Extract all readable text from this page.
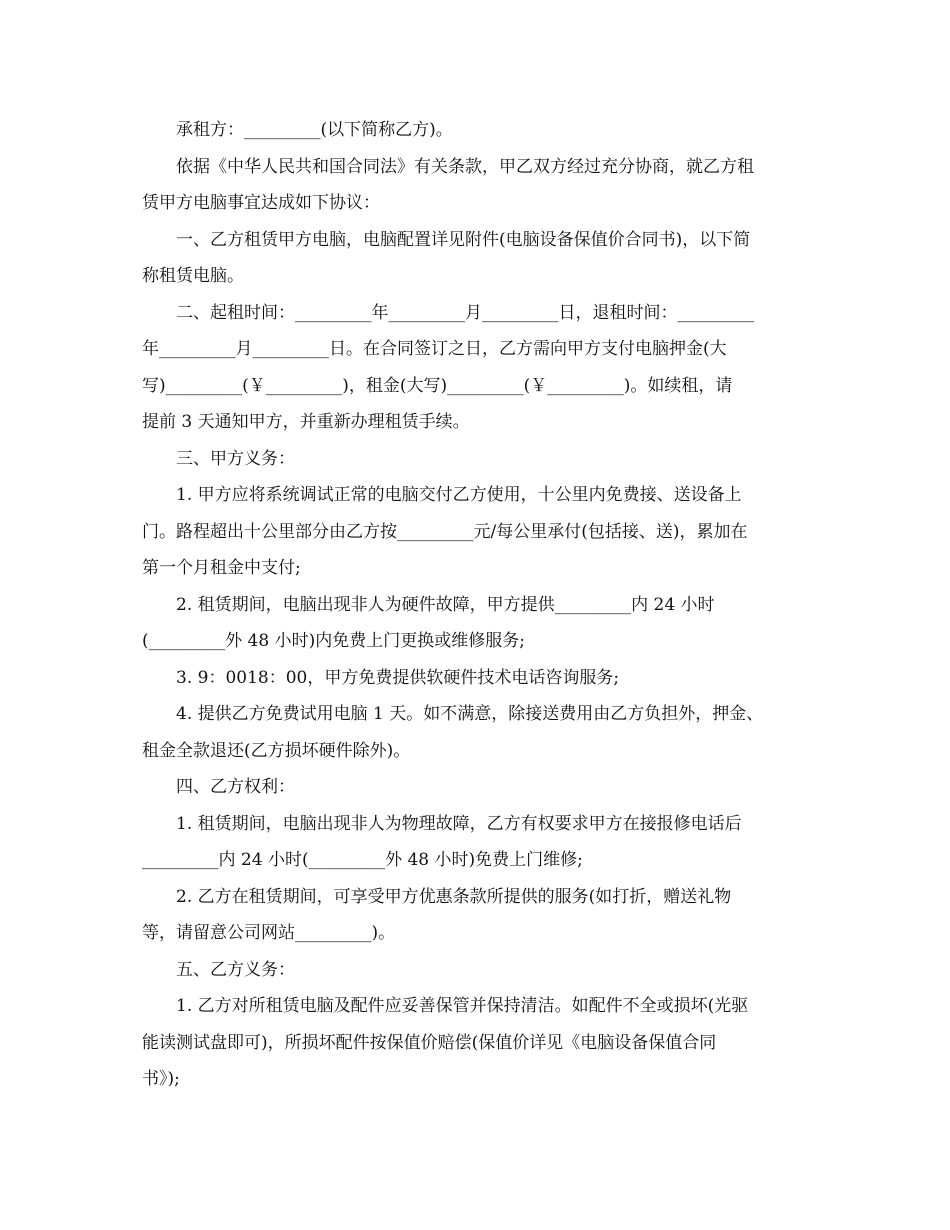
承租方：_________(以下简称乙方)。
依据《中华人民共和国合同法》有关条款，甲乙双方经过充分协商，就乙方租
赁甲方电脑事宜达成如下协议：
一、乙方租赁甲方电脑，电脑配置详见附件(电脑设备保值价合同书)，以下简
称租赁电脑。
二、起租时间：_________年_________月_________日，退租时间：_________
年_________月_________日。在合同签订之日，乙方需向甲方支付电脑押金(大
写)_________(￥_________)，租金(大写)_________(￥_________)。如续租，请
提前 3 天通知甲方，并重新办理租赁手续。
三、甲方义务：
1. 甲方应将系统调试正常的电脑交付乙方使用，十公里内免费接、送设备上
门。路程超出十公里部分由乙方按_________元/每公里承付(包括接、送)，累加在
第一个月租金中支付;
2. 租赁期间，电脑出现非人为硬件故障，甲方提供_________内 24 小时
(_________外 48 小时)内免费上门更换或维修服务;
3. 9：0018：00，甲方免费提供软硬件技术电话咨询服务;
4. 提供乙方免费试用电脑 1 天。如不满意，除接送费用由乙方负担外，押金、
租金全款退还(乙方损坏硬件除外)。
四、乙方权利：
1. 租赁期间，电脑出现非人为物理故障，乙方有权要求甲方在接报修电话后
_________内 24 小时(_________外 48 小时)免费上门维修;
2. 乙方在租赁期间，可享受甲方优惠条款所提供的服务(如打折，赠送礼物
等，请留意公司网站_________)。
五、乙方义务：
1. 乙方对所租赁电脑及配件应妥善保管并保持清洁。如配件不全或损坏(光驱
能读测试盘即可)，所损坏配件按保值价赔偿(保值价详见《电脑设备保值合同
书》);
